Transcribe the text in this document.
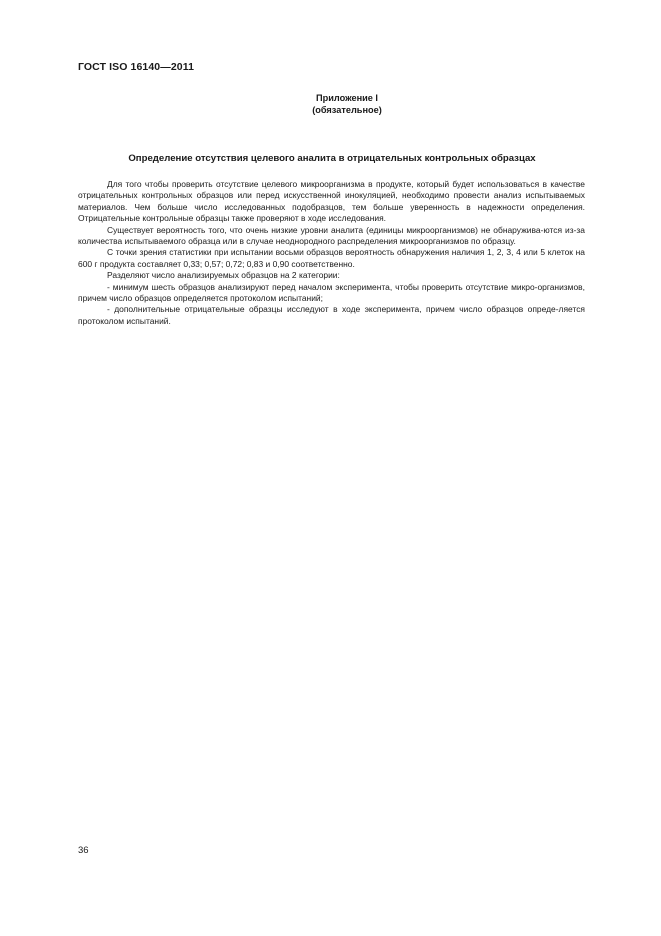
ГОСТ ISO 16140—2011
Приложение I
(обязательное)
Определение отсутствия целевого аналита в отрицательных контрольных образцах

Для того чтобы проверить отсутствие целевого микроорганизма в продукте, который будет использоваться в качестве отрицательных контрольных образцов или перед искусственной инокуляцией, необходимо провести анализ испытываемых материалов. Чем больше число исследованных подобразцов, тем больше уверенность в надежности определения. Отрицательные контрольные образцы также проверяют в ходе исследования.

Существует вероятность того, что очень низкие уровни аналита (единицы микроорганизмов) не обнаружива-ются из-за количества испытываемого образца или в случае неоднородного распределения микроорганизмов по образцу.

С точки зрения статистики при испытании восьми образцов вероятность обнаружения наличия 1, 2, 3, 4 или 5 клеток на 600 г продукта составляет 0,33; 0,57; 0,72; 0,83 и 0,90 соответственно.

Разделяют число анализируемых образцов на 2 категории:

- минимум шесть образцов анализируют перед началом эксперимента, чтобы проверить отсутствие микро-организмов, причем число образцов определяется протоколом испытаний;

- дополнительные отрицательные образцы исследуют в ходе эксперимента, причем число образцов опреде-ляется протоколом испытаний.

36
